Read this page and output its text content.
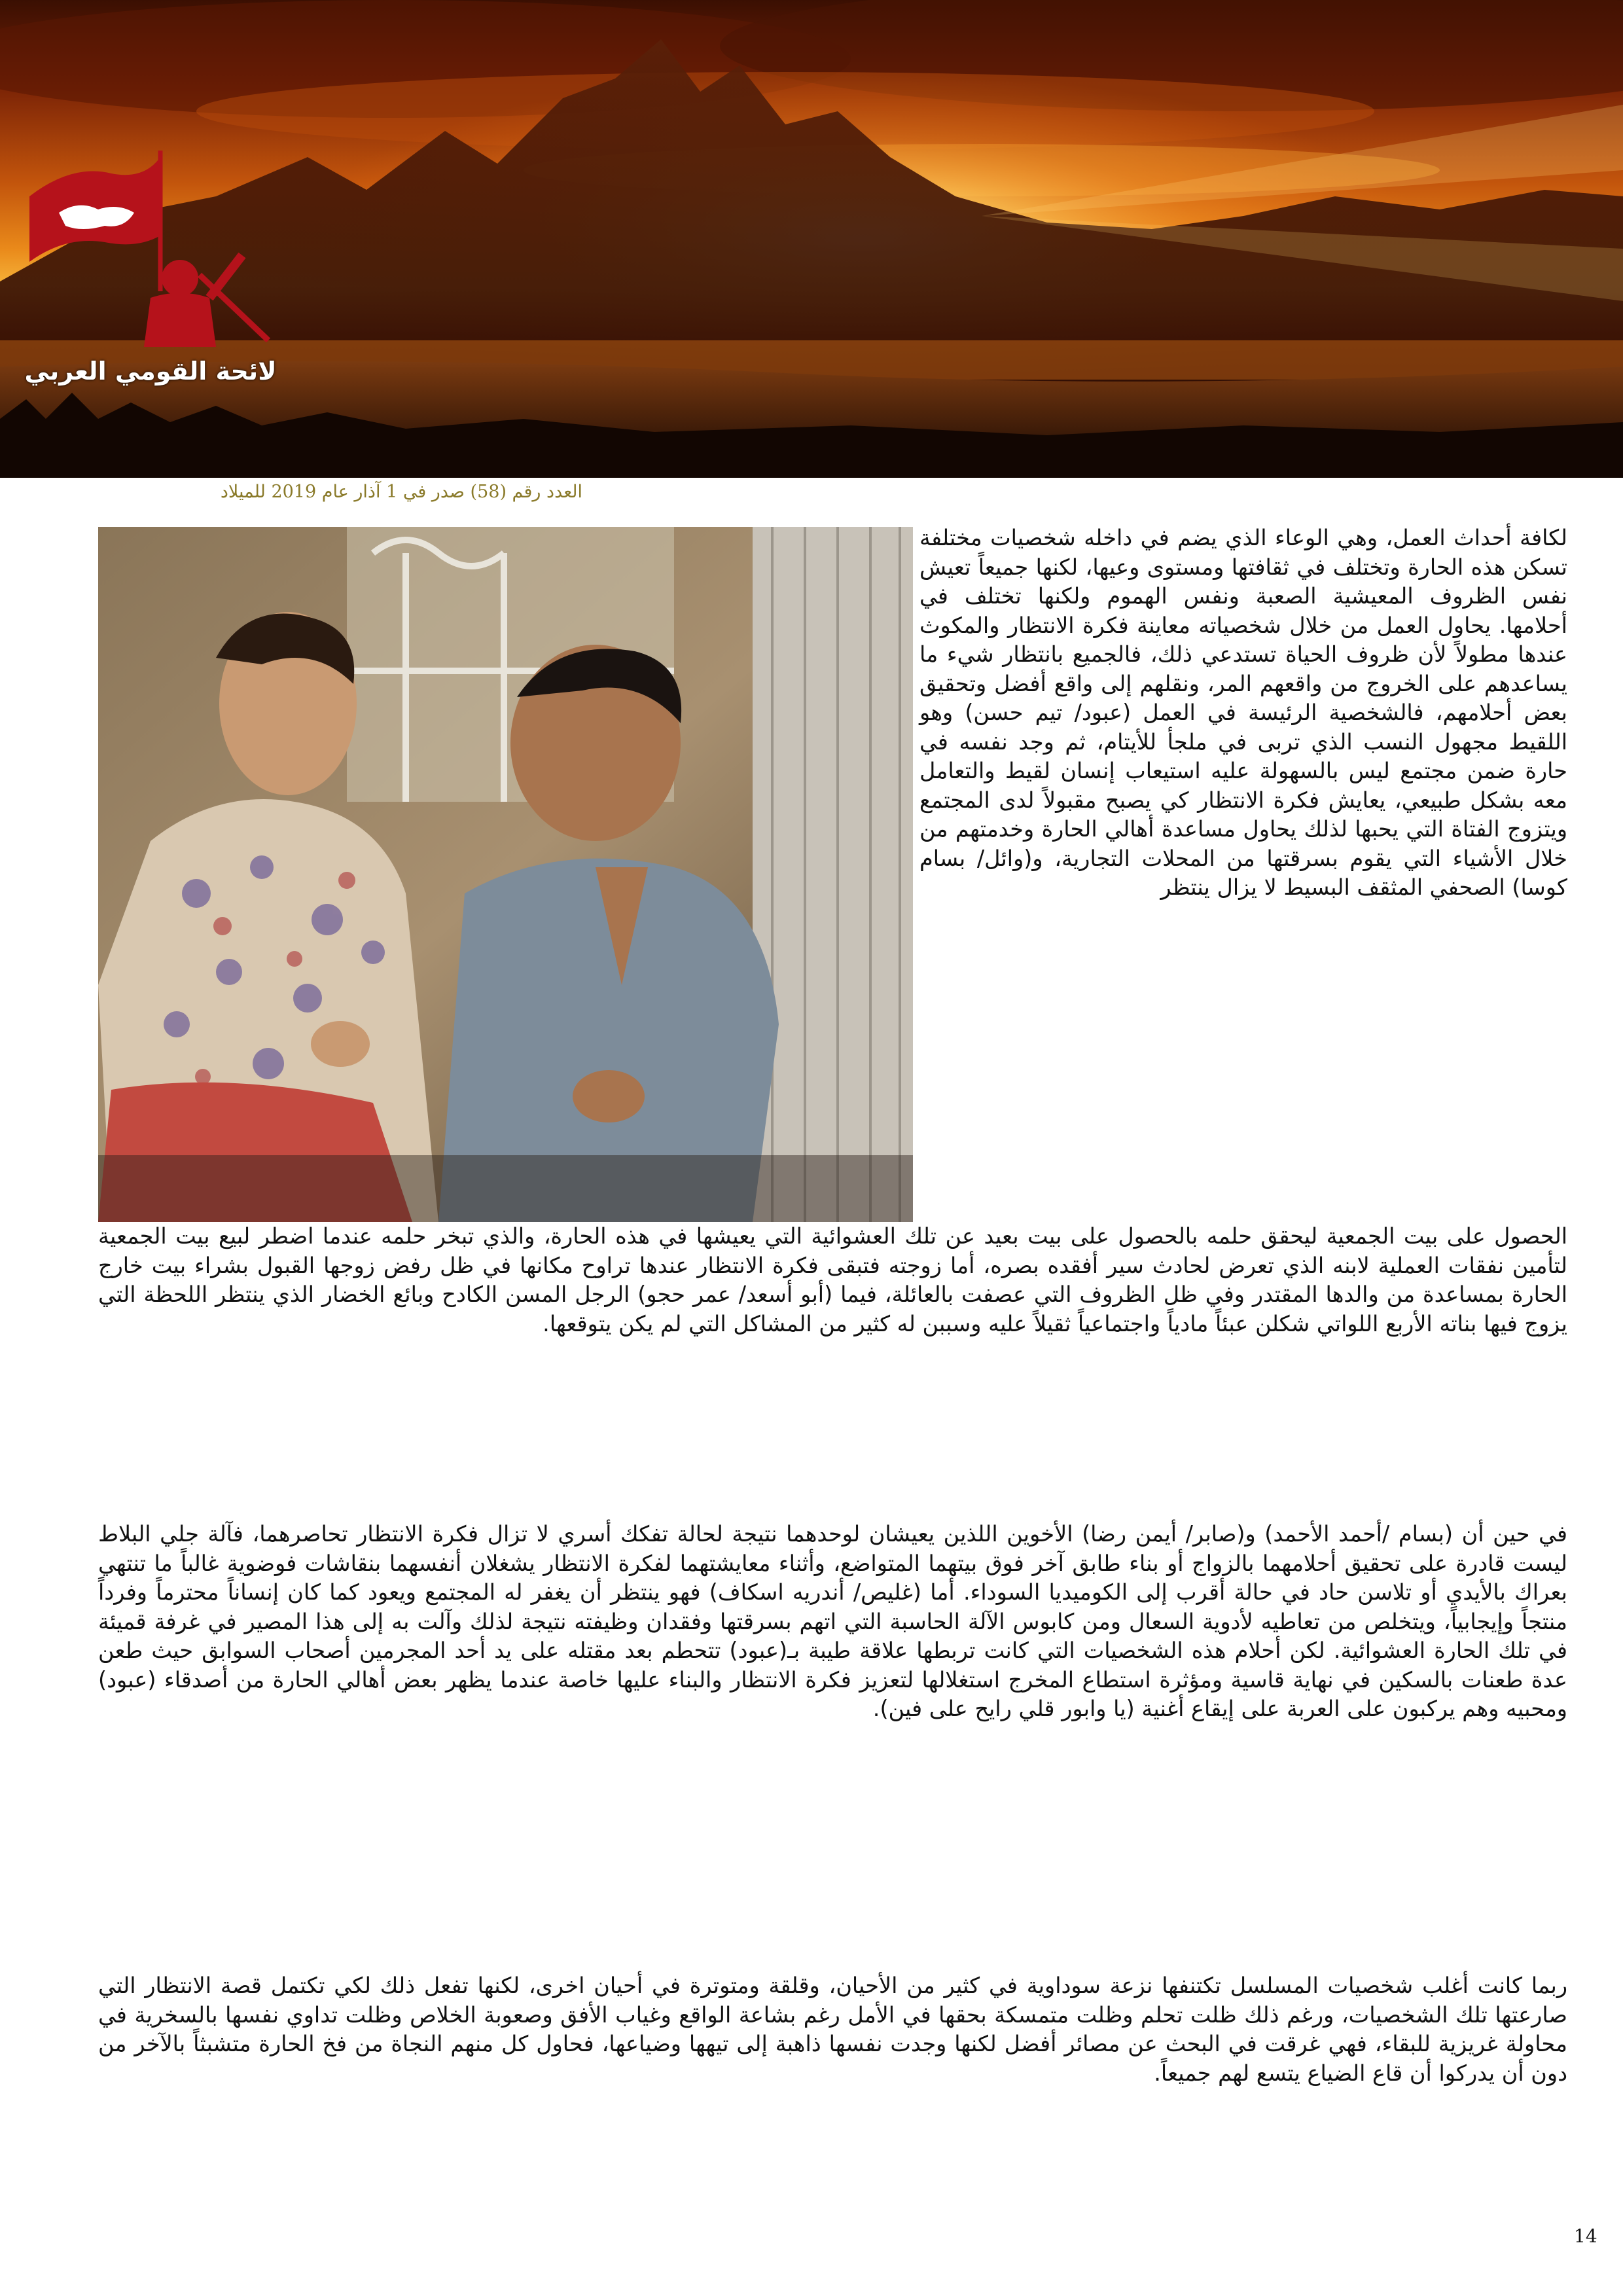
لائحة القومي العربي
العدد رقم (58) صدر في 1 آذار عام 2019 للميلاد

لكافة أحداث العمل، وهي الوعاء الذي يضم في داخله شخصيات مختلفة تسكن هذه الحارة وتختلف في ثقافتها ومستوى وعيها، لكنها جميعاً تعيش نفس الظروف المعيشية الصعبة ونفس الهموم ولكنها تختلف في أحلامها. يحاول العمل من خلال شخصياته معاينة فكرة الانتظار والمكوث عندها مطولاً لأن ظروف الحياة تستدعي ذلك، فالجميع بانتظار شيء ما يساعدهم على الخروج من واقعهم المر، ونقلهم إلى واقع أفضل وتحقيق بعض أحلامهم، فالشخصية الرئيسة في العمل (عبود/ تيم حسن) وهو اللقيط مجهول النسب الذي تربى في ملجأ للأيتام، ثم وجد نفسه في حارة ضمن مجتمع ليس بالسهولة عليه استيعاب إنسان لقيط والتعامل معه بشكل طبيعي، يعايش فكرة الانتظار كي يصبح مقبولاً لدى المجتمع ويتزوج الفتاة التي يحبها لذلك يحاول مساعدة أهالي الحارة وخدمتهم من خلال الأشياء التي يقوم بسرقتها من المحلات التجارية، و(وائل/ بسام كوسا) الصحفي المثقف البسيط لا يزال ينتظر

الحصول على بيت الجمعية ليحقق حلمه بالحصول على بيت بعيد عن تلك العشوائية التي يعيشها في هذه الحارة، والذي تبخر حلمه عندما اضطر لبيع بيت الجمعية لتأمين نفقات العملية لابنه الذي تعرض لحادث سير أفقده بصره، أما زوجته فتبقى فكرة الانتظار عندها تراوح مكانها في ظل رفض زوجها القبول بشراء بيت خارج الحارة بمساعدة من والدها المقتدر وفي ظل الظروف التي عصفت بالعائلة، فيما (أبو أسعد/ عمر حجو) الرجل المسن الكادح وبائع الخضار الذي ينتظر اللحظة التي يزوج فيها بناته الأربع اللواتي شكلن عبئاً مادياً واجتماعياً ثقيلاً عليه وسببن له كثير من المشاكل التي لم يكن يتوقعها.

في حين أن (بسام /أحمد الأحمد) و(صابر/ أيمن رضا) الأخوين اللذين يعيشان لوحدهما نتيجة لحالة تفكك أسري لا تزال فكرة الانتظار تحاصرهما، فآلة جلي البلاط ليست قادرة على تحقيق أحلامهما بالزواج أو بناء طابق آخر فوق بيتهما المتواضع، وأثناء معايشتهما لفكرة الانتظار يشغلان أنفسهما بنقاشات فوضوية غالباً ما تنتهي بعراك بالأيدي أو تلاسن حاد في حالة أقرب إلى الكوميديا السوداء. أما (غليص/ أندريه اسكاف) فهو ينتظر أن يغفر له المجتمع ويعود كما كان إنساناً محترماً وفرداً منتجاً وإيجابياً، ويتخلص من تعاطيه لأدوية السعال ومن كابوس الآلة الحاسبة التي اتهم بسرقتها وفقدان وظيفته نتيجة لذلك وآلت به إلى هذا المصير في غرفة قميئة في تلك الحارة العشوائية. لكن أحلام هذه الشخصيات التي كانت تربطها علاقة طيبة بـ(عبود) تتحطم بعد مقتله على يد أحد المجرمين أصحاب السوابق حيث طعن عدة طعنات بالسكين في نهاية قاسية ومؤثرة استطاع المخرج استغلالها لتعزيز فكرة الانتظار والبناء عليها خاصة عندما يظهر بعض أهالي الحارة من أصدقاء (عبود) ومحبيه وهم يركبون على العربة على إيقاع أغنية (يا وابور قلي رايح على فين).

ربما كانت أغلب شخصيات المسلسل تكتنفها نزعة سوداوية في كثير من الأحيان، وقلقة ومتوترة في أحيان اخرى، لكنها تفعل ذلك لكي تكتمل قصة الانتظار التي صارعتها تلك الشخصيات، ورغم ذلك ظلت تحلم وظلت متمسكة بحقها في الأمل رغم بشاعة الواقع وغياب الأفق وصعوبة الخلاص وظلت تداوي نفسها بالسخرية في محاولة غريزية للبقاء، فهي غرقت في البحث عن مصائر أفضل لكنها وجدت نفسها ذاهبة إلى تيهها وضياعها، فحاول كل منهم النجاة من فخ الحارة متشبثاً بالآخر من دون أن يدركوا أن قاع الضياع يتسع لهم جميعاً.

14
